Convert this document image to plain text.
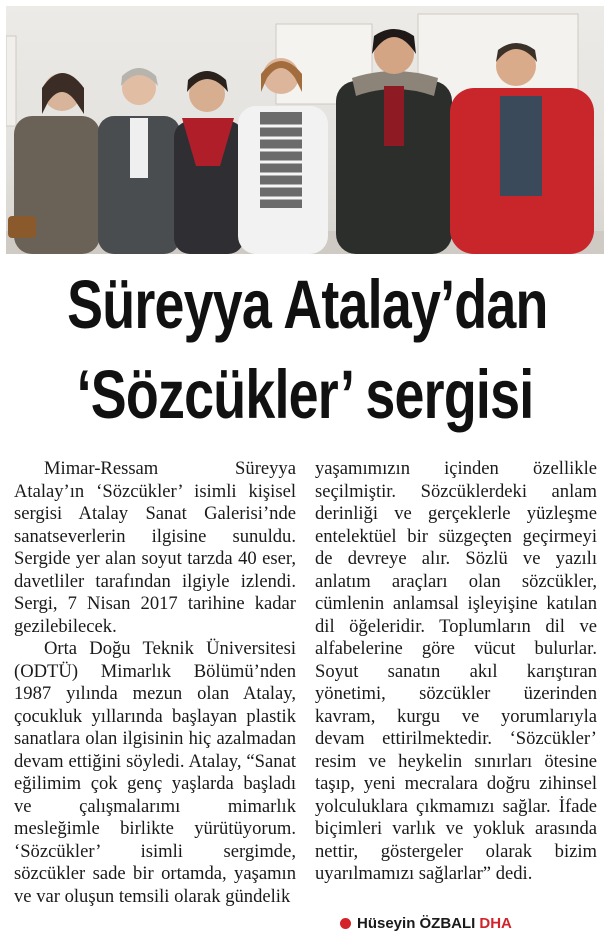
Süreyya Atalay’dan
‘Sözcükler’ sergisi

Mimar-Ressam Süreyya Atalay’ın ‘Sözcükler’ isimli kişisel sergisi Atalay Sanat Galerisi’nde sanatseverlerin ilgisine sunuldu. Sergide yer alan soyut tarzda 40 eser, davetliler tarafından ilgiyle izlendi. Sergi, 7 Nisan 2017 tarihine kadar gezilebilecek.

Orta Doğu Teknik Üniversitesi (ODTÜ) Mimarlık Bölümü’nden 1987 yılında mezun olan Atalay, çocukluk yıllarında başlayan plastik sanatlara olan ilgisinin hiç azalmadan devam ettiğini söyledi. Atalay, “Sanat eğilimim çok genç yaşlarda başladı ve çalışmalarımı mimarlık mesleğimle birlikte yürütüyorum. ‘Sözcükler’ isimli sergimde, sözcükler sade bir ortamda, yaşamın ve var oluşun temsili olarak gündelik

yaşamımızın içinden özellikle seçilmiştir. Sözcüklerdeki anlam derinliği ve gerçeklerle yüzleşme entelektüel bir süzgeçten geçirmeyi de devreye alır. Sözlü ve yazılı anlatım araçları olan sözcükler, cümlenin anlamsal işleyişine katılan dil öğeleridir. Toplumların dil ve alfabelerine göre vücut bulurlar. Soyut sanatın akıl karıştıran yönetimi, sözcükler üzerinden kavram, kurgu ve yorumlarıyla devam ettirilmektedir. ‘Sözcükler’ resim ve heykelin sınırları ötesine taşıp, yeni mecralara doğru zihinsel yolculuklara çıkmamızı sağlar. İfade biçimleri varlık ve yokluk arasında nettir, göstergeler olarak bizim uyarılmamızı sağlarlar” dedi.

Hüseyin ÖZBALI DHA
